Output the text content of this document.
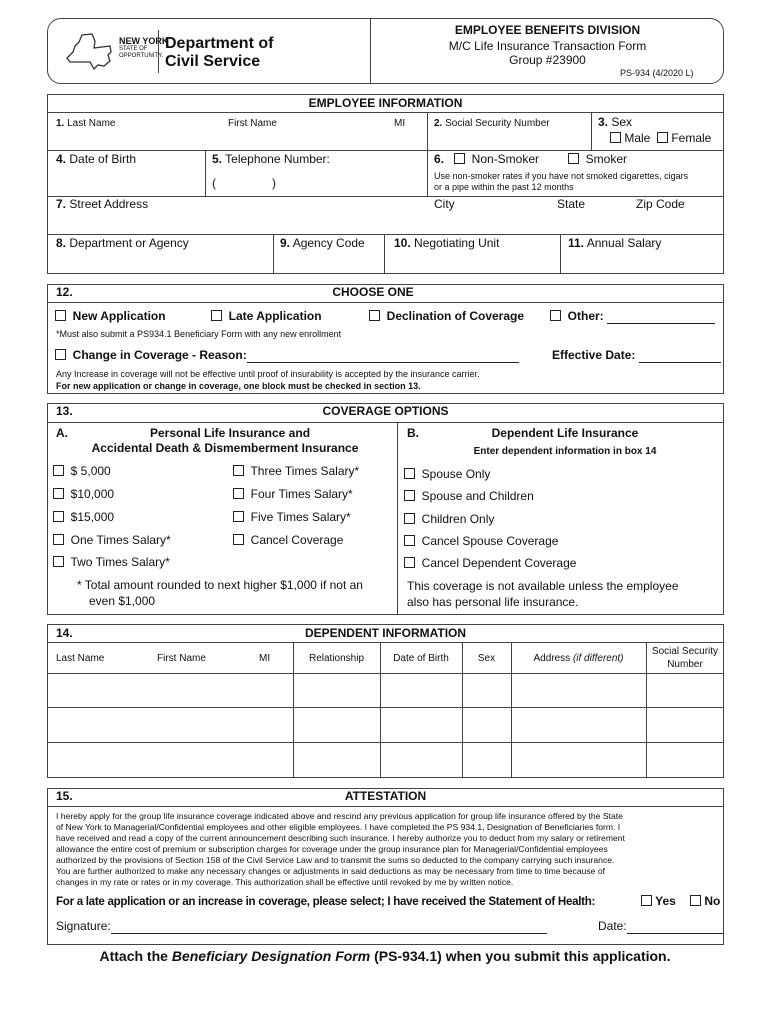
NEW YORK
STATE OF
OPPORTUNITY.
Department of
Civil Service
EMPLOYEE BENEFITS DIVISION
M/C Life Insurance Transaction Form
Group #23900
PS-934 (4/2020 L)
EMPLOYEE INFORMATION
1. Last Name	First Name	MI	2. Social Security Number	3. Sex
Male	Female
4. Date of Birth	5. Telephone Number:
(	)
6.	Non-Smoker	Smoker
Use non-smoker rates if you have not smoked cigarettes, cigars
or a pipe within the past 12 months
7. Street Address	City	State	Zip Code
8. Department or Agency	9. Agency Code 10. Negotiating Unit	11. Annual Salary
12.	CHOOSE ONE
New Application	Late Application	Declination of Coverage	Other:
*Must also submit a PS934.1 Beneficiary Form with any new enrollment
Change in Coverage - Reason:	Effective Date:
Any Increase in coverage will not be effective until proof of insurability is accepted by the insurance carrier.
For new application or change in coverage, one block must be checked in section 13.
13.	COVERAGE OPTIONS
A.	Personal Life Insurance and
Accidental Death & Dismemberment Insurance
B.	Dependent Life Insurance
Enter dependent information in box 14
$ 5,000
$10,000
$15,000
One Times Salary*
Two Times Salary*
Three Times Salary*
Four Times Salary*
Five Times Salary*
Cancel Coverage
Spouse Only
Spouse and Children
Children Only
Cancel Spouse Coverage
Cancel Dependent Coverage
* Total amount rounded to next higher $1,000 if not an
even $1,000
This coverage is not available unless the employee
also has personal life insurance.
14.	DEPENDENT INFORMATION
Last Name	First Name	MI	Relationship	Date of Birth	Sex	Address (if different)
Social Security
Number
15.	ATTESTATION
I hereby apply for the group life insurance coverage indicated above and rescind any previous application for group life insurance offered by the State
of New York to Managerial/Confidential employees and other eligible employees. I have completed the PS 934.1, Designation of Beneficiaries form. I
have received and read a copy of the current announcement describing such insurance. I hereby authorize you to deduct from my salary or retirement
allowance the entire cost of premium or subscription charges for coverage under the group insurance plan for Managerial/Confidential employees
authorized by the provisions of Section 158 of the Civil Service Law and to transmit the sums so deducted to the company carrying such insurance.
You are further authorized to make any necessary changes or adjustments in said deductions as may be necessary from time to time because of
changes in my rate or rates or in my coverage. This authorization shall be effective until revoked by me by written notice.
For a late application or an increase in coverage, please select; I have received the Statement of Health:	Yes	No
Signature:	Date:
Attach the Beneficiary Designation Form (PS-934.1) when you submit this application.
